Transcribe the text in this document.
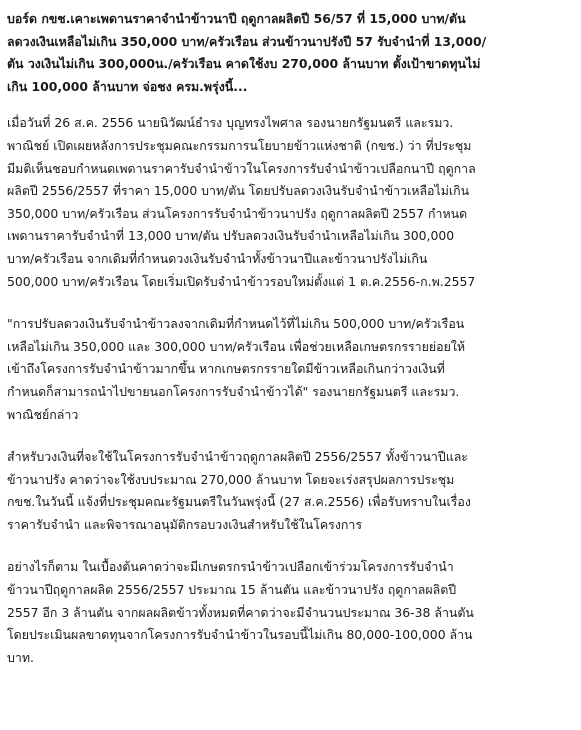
บอร์ด กขช.เคาะเพดานราคาจำนำข้าวนาปี ฤดูกาลผลิตปี 56/57 ที่ 15,000 บาท/ตัน
ลดวงเงินเหลือไม่เกิน 350,000 บาท/ครัวเรือน ส่วนข้าวนาปรังปี 57 รับจำนำที่ 13,000/
ตัน วงเงินไม่เกิน 300,000น./ครัวเรือน คาดใช้งบ 270,000 ล้านบาท ตั้งเป้าขาดทุนไม่
เกิน 100,000 ล้านบาท จ่อชง ครม.พรุ่งนี้...

เมื่อวันที่ 26 ส.ค. 2556 นายนิวัฒน์ธำรง บุญทรงไพศาล รองนายกรัฐมนตรี และรมว.
พาณิชย์ เปิดเผยหลังการประชุมคณะกรรมการนโยบายข้าวแห่งชาติ (กขช.) ว่า ที่ประชุม
มีมติเห็นชอบกำหนดเพดานราคารับจำนำข้าวในโครงการรับจำนำข้าวเปลือกนาปี ฤดูกาล
ผลิตปี 2556/2557 ที่ราคา 15,000 บาท/ตัน โดยปรับลดวงเงินรับจำนำข้าวเหลือไม่เกิน
350,000 บาท/ครัวเรือน ส่วนโครงการรับจำนำข้าวนาปรัง ฤดูกาลผลิตปี 2557 กำหนด
เพดานราคารับจำนำที่ 13,000 บาท/ตัน ปรับลดวงเงินรับจำนำเหลือไม่เกิน 300,000
บาท/ครัวเรือน จากเดิมที่กำหนดวงเงินรับจำนำทั้งข้าวนาปีและข้าวนาปรังไม่เกิน
500,000 บาท/ครัวเรือน โดยเริ่มเปิดรับจำนำข้าวรอบใหม่ตั้งแต่ 1 ต.ค.2556-ก.พ.2557

"การปรับลดวงเงินรับจำนำข้าวลงจากเดิมที่กำหนดไว้ที่ไม่เกิน 500,000 บาท/ครัวเรือน
เหลือไม่เกิน 350,000 และ 300,000 บาท/ครัวเรือน เพื่อช่วยเหลือเกษตรกรรายย่อยให้
เข้าถึงโครงการรับจำนำข้าวมากขึ้น หากเกษตรกรรายใดมีข้าวเหลือเกินกว่าวงเงินที่
กำหนดก็สามารถนำไปขายนอกโครงการรับจำนำข้าวได้" รองนายกรัฐมนตรี และรมว.
พาณิชย์กล่าว

สำหรับวงเงินที่จะใช้ในโครงการรับจำนำข้าวฤดูกาลผลิตปี 2556/2557 ทั้งข้าวนาปีและ
ข้าวนาปรัง คาดว่าจะใช้งบประมาณ 270,000 ล้านบาท โดยจะเร่งสรุปผลการประชุม
กขช.ในวันนี้ แจ้งที่ประชุมคณะรัฐมนตรีในวันพรุ่งนี้ (27 ส.ค.2556) เพื่อรับทราบในเรื่อง
ราคารับจำนำ และพิจารณาอนุมัติกรอบวงเงินสำหรับใช้ในโครงการ

อย่างไรก็ตาม ในเบื้องต้นคาดว่าจะมีเกษตรกรนำข้าวเปลือกเข้าร่วมโครงการรับจำนำ
ข้าวนาปีฤดูกาลผลิต 2556/2557 ประมาณ 15 ล้านตัน และข้าวนาปรัง ฤดูกาลผลิตปี
2557 อีก 3 ล้านตัน จากผลผลิตข้าวทั้งหมดที่คาดว่าจะมีจำนวนประมาณ 36-38 ล้านตัน
โดยประเมินผลขาดทุนจากโครงการรับจำนำข้าวในรอบนี้ไม่เกิน 80,000-100,000 ล้าน
บาท.
